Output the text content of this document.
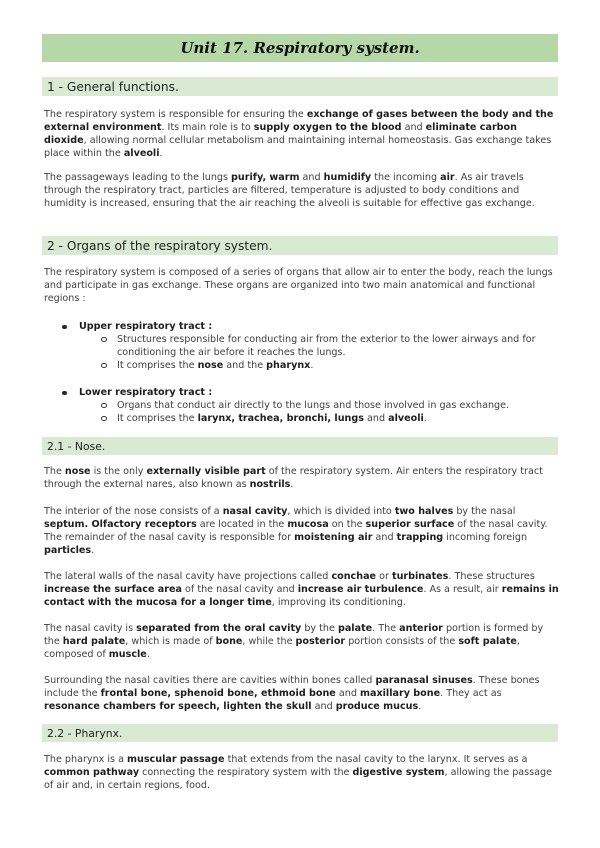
Unit 17. Respiratory system.
1 - General functions.

The respiratory system is responsible for ensuring the exchange of gases between the body and the external environment. Its main role is to supply oxygen to the blood and eliminate carbon dioxide, allowing normal cellular metabolism and maintaining internal homeostasis. Gas exchange takes place within the alveoli.

The passageways leading to the lungs purify, warm and humidify the incoming air. As air travels through the respiratory tract, particles are filtered, temperature is adjusted to body conditions and humidity is increased, ensuring that the air reaching the alveoli is suitable for effective gas exchange.

2 - Organs of the respiratory system.

The respiratory system is composed of a series of organs that allow air to enter the body, reach the lungs and participate in gas exchange. These organs are organized into two main anatomical and functional regions :

Upper respiratory tract :
Structures responsible for conducting air from the exterior to the lower airways and for conditioning the air before it reaches the lungs.
It comprises the nose and the pharynx.
Lower respiratory tract :
Organs that conduct air directly to the lungs and those involved in gas exchange.
It comprises the larynx, trachea, bronchi, lungs and alveoli.
2.1 - Nose.

The nose is the only externally visible part of the respiratory system. Air enters the respiratory tract through the external nares, also known as nostrils.

The interior of the nose consists of a nasal cavity, which is divided into two halves by the nasal septum. Olfactory receptors are located in the mucosa on the superior surface of the nasal cavity. The remainder of the nasal cavity is responsible for moistening air and trapping incoming foreign particles.

The lateral walls of the nasal cavity have projections called conchae or turbinates. These structures increase the surface area of the nasal cavity and increase air turbulence. As a result, air remains in contact with the mucosa for a longer time, improving its conditioning.

The nasal cavity is separated from the oral cavity by the palate. The anterior portion is formed by the hard palate, which is made of bone, while the posterior portion consists of the soft palate, composed of muscle.

Surrounding the nasal cavities there are cavities within bones called paranasal sinuses. These bones include the frontal bone, sphenoid bone, ethmoid bone and maxillary bone. They act as resonance chambers for speech, lighten the skull and produce mucus.

2.2 - Pharynx.

The pharynx is a muscular passage that extends from the nasal cavity to the larynx. It serves as a common pathway connecting the respiratory system with the digestive system, allowing the passage of air and, in certain regions, food.
